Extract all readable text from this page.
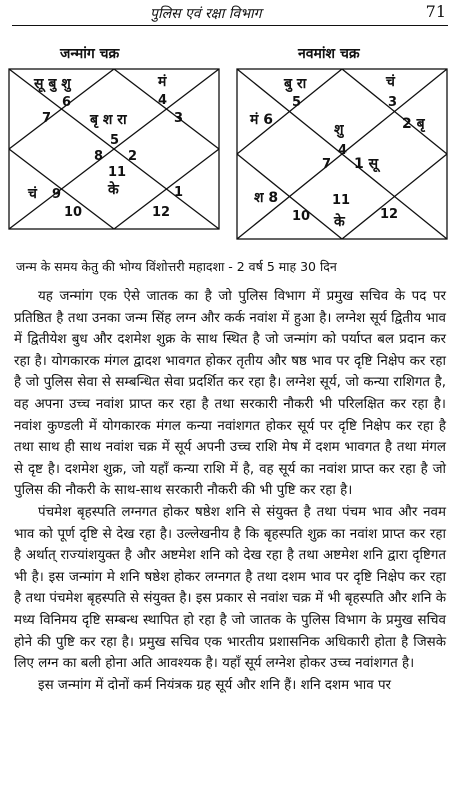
पुलिस एवं रक्षा विभाग	71
जन्मांग चक्र
सू बु शु
6
मं
4
बृ श रा
5
7	3
8 2
11
के
चं 9
10	12
1
नवमांश चक्र
बु रा
5
चं
3
मं 6	2 बृ
शु
4
7 1 सू
श 8
10	12
11
के
जन्म के समय केतु की भोग्य विंशोत्तरी महादशा - 2 वर्ष 5 माह 30 दिन

यह जन्मांग एक ऐसे जातक का है जो पुलिस विभाग में प्रमुख सचिव के पद पर प्रतिष्ठित है तथा उनका जन्म सिंह लग्न और कर्क नवांश में हुआ है। लग्नेश सूर्य द्वितीय भाव में द्वितीयेश बुध और दशमेश शुक्र के साथ स्थित है जो जन्मांग को पर्याप्त बल प्रदान कर रहा है। योगकारक मंगल द्वादश भावगत होकर तृतीय और षष्ठ भाव पर दृष्टि निक्षेप कर रहा है जो पुलिस सेवा से सम्बन्धित सेवा प्रदर्शित कर रहा है। लग्नेश सूर्य, जो कन्या राशिगत है, वह अपना उच्च नवांश प्राप्त कर रहा है तथा सरकारी नौकरी भी परिलक्षित कर रहा है। नवांश कुण्डली में योगकारक मंगल कन्या नवांशगत होकर सूर्य पर दृष्टि निक्षेप कर रहा है तथा साथ ही साथ नवांश चक्र में सूर्य अपनी उच्च राशि मेष में दशम भावगत है तथा मंगल से दृष्ट है। दशमेश शुक्र, जो यहाँ कन्या राशि में है, वह सूर्य का नवांश प्राप्त कर रहा है जो पुलिस की नौकरी के साथ-साथ सरकारी नौकरी की भी पुष्टि कर रहा है।

पंचमेश बृहस्पति लग्नगत होकर षष्ठेश शनि से संयुक्त है तथा पंचम भाव और नवम भाव को पूर्ण दृष्टि से देख रहा है। उल्लेखनीय है कि बृहस्पति शुक्र का नवांश प्राप्त कर रहा है अर्थात् राज्यांशयुक्त है और अष्टमेश शनि को देख रहा है तथा अष्टमेश शनि द्वारा दृष्टिगत भी है। इस जन्मांग मे शनि षष्ठेश होकर लग्नगत है तथा दशम भाव पर दृष्टि निक्षेप कर रहा है तथा पंचमेश बृहस्पति से संयुक्त है। इस प्रकार से नवांश चक्र में भी बृहस्पति और शनि के मध्य विनिमय दृष्टि सम्बन्ध स्थापित हो रहा है जो जातक के पुलिस विभाग के प्रमुख सचिव होने की पुष्टि कर रहा है। प्रमुख सचिव एक भारतीय प्रशासनिक अधिकारी होता है जिसके लिए लग्न का बली होना अति आवश्यक है। यहाँ सूर्य लग्नेश होकर उच्च नवांशगत है।

इस जन्मांग में दोनों कर्म नियंत्रक ग्रह सूर्य और शनि हैं। शनि दशम भाव पर
